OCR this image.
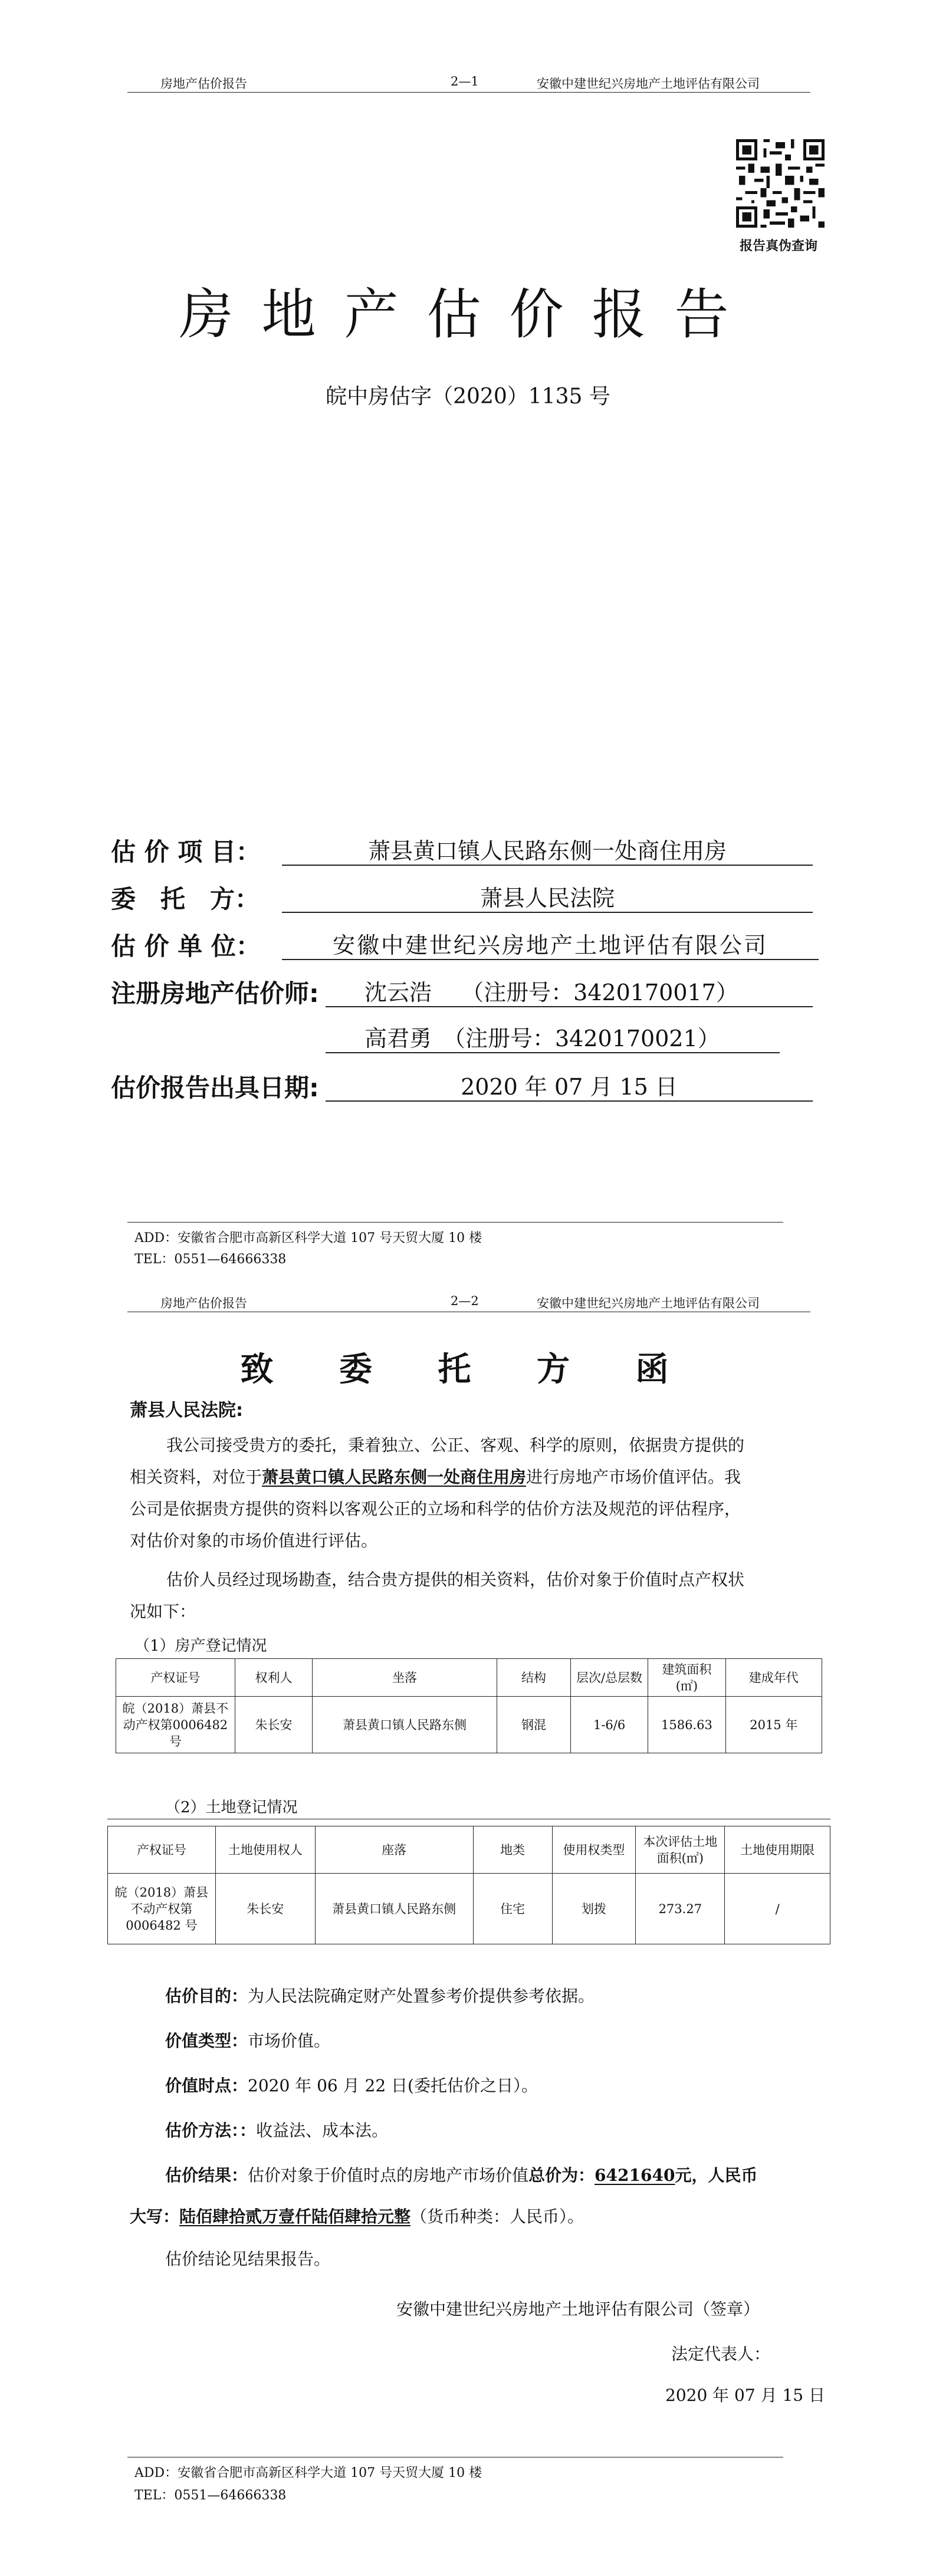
房地产估价报告	2—1	安徽中建世纪兴房地产土地评估有限公司
报告真伪查询
房地产估价报告
皖中房估字（2020）1135 号
估 价 项 目：	萧县黄口镇人民路东侧一处商住用房
委　托　方：	萧县人民法院
估 价 单 位：	安徽中建世纪兴房地产土地评估有限公司
注册房地产估价师:	沈云浩　 （注册号：3420170017）
高君勇　（注册号：3420170021）
估价报告出具日期:	2020 年 07 月 15 日
ADD：安徽省合肥市高新区科学大道 107 号天贸大厦 10 楼
TEL：0551—64666338
房地产估价报告	2—2	安徽中建世纪兴房地产土地评估有限公司
致 委 托 方 函
萧县人民法院:
我公司接受贵方的委托，秉着独立、公正、客观、科学的原则，依据贵方提供的
相关资料，对位于萧县黄口镇人民路东侧一处商住用房进行房地产市场价值评估。我
公司是依据贵方提供的资料以客观公正的立场和科学的估价方法及规范的评估程序，
对估价对象的市场价值进行评估。
估价人员经过现场勘查，结合贵方提供的相关资料，估价对象于价值时点产权状
况如下：
（1）房产登记情况
产权证号	权利人	坐落	结构	层次/总层数	建筑面积(㎡)	建成年代
皖（2018）萧县不动产权第0006482 号	朱长安	萧县黄口镇人民路东侧	钢混	1-6/6	1586.63	2015 年
（2）土地登记情况
产权证号	土地使用权人	座落	地类	使用权类型	本次评估土地面积(㎡)	土地使用期限
皖（2018）萧县不动产权第0006482 号	朱长安	萧县黄口镇人民路东侧	住宅	划拨	273.27	/
估价目的：为人民法院确定财产处置参考价提供参考依据。
价值类型：市场价值。
价值时点：2020 年 06 月 22 日(委托估价之日）。
估价方法：：收益法、成本法。
估价结果：估价对象于价值时点的房地产市场价值总价为：6421640元，人民币
大写：陆佰肆拾贰万壹仟陆佰肆拾元整（货币种类：人民币）。
估价结论见结果报告。
安徽中建世纪兴房地产土地评估有限公司（签章）
法定代表人：
2020 年 07 月 15 日
ADD：安徽省合肥市高新区科学大道 107 号天贸大厦 10 楼
TEL：0551—64666338
